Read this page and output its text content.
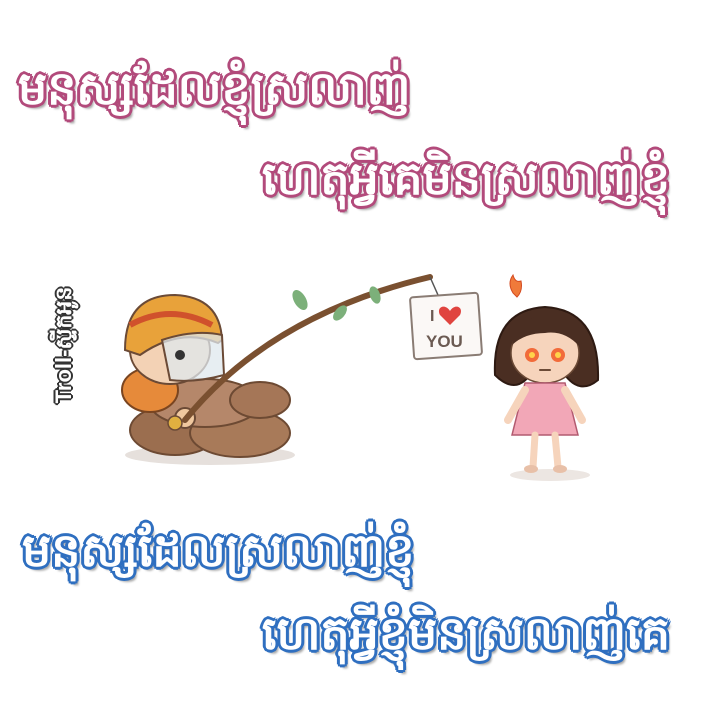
មនុស្សដែលខ្ញុំស្រលាញ់
ហេតុអ្វីគេមិនស្រលាញ់ខ្ញុំ
Troll-ស្ទីកអូន	I
YOU
មនុស្សដែលស្រលាញ់ខ្ញុំ
ហេតុអ្វីខ្ញុំមិនស្រលាញ់គេ
